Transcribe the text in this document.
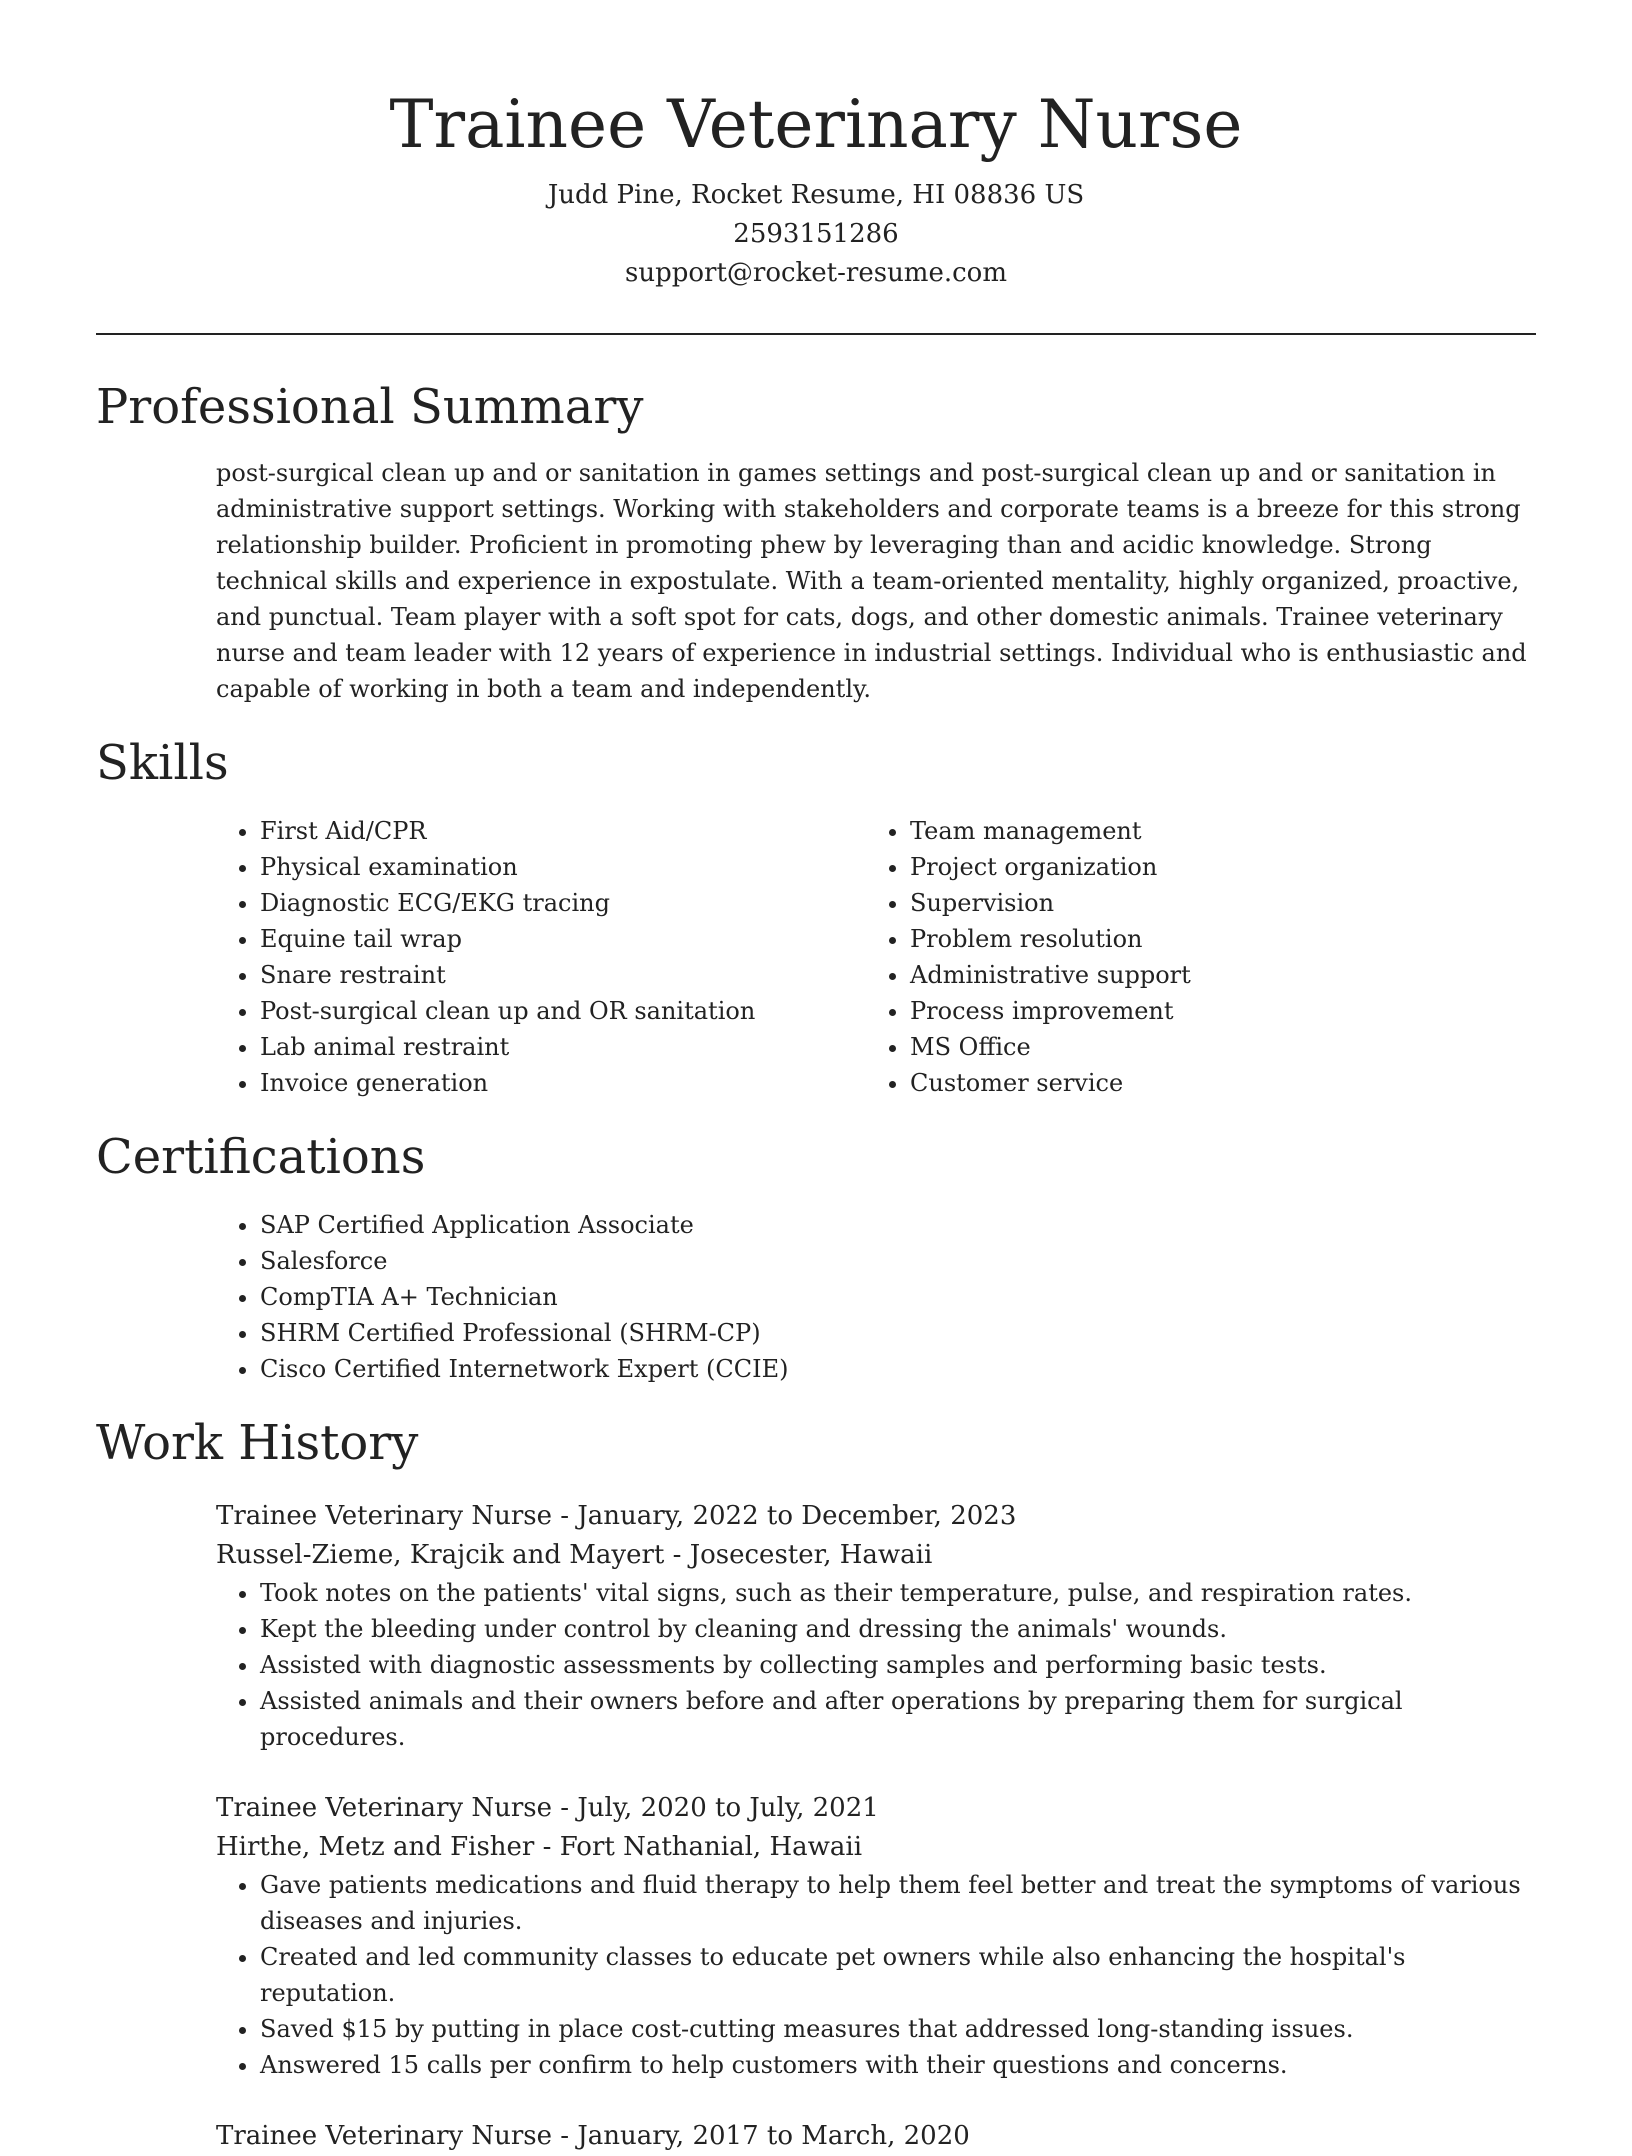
Trainee Veterinary Nurse
Judd Pine, Rocket Resume, HI 08836 US
2593151286
support@rocket-resume.com
Professional Summary

post-surgical clean up and or sanitation in games settings and post-surgical clean up and or sanitation in administrative support settings. Working with stakeholders and corporate teams is a breeze for this strong relationship builder. Proficient in promoting phew by leveraging than and acidic knowledge. Strong technical skills and experience in expostulate. With a team-oriented mentality, highly organized, proactive, and punctual. Team player with a soft spot for cats, dogs, and other domestic animals. Trainee veterinary nurse and team leader with 12 years of experience in industrial settings. Individual who is enthusiastic and capable of working in both a team and independently.

Skills
• First Aid/CPR
• Physical examination
• Diagnostic ECG/EKG tracing
• Equine tail wrap
• Snare restraint
• Post-surgical clean up and OR sanitation
• Lab animal restraint
• Invoice generation
• Team management
• Project organization
• Supervision
• Problem resolution
• Administrative support
• Process improvement
• MS Office
• Customer service
Certifications
• SAP Certified Application Associate
• Salesforce
• CompTIA A+ Technician
• SHRM Certified Professional (SHRM-CP)
• Cisco Certified Internetwork Expert (CCIE)
Work History
Trainee Veterinary Nurse - January, 2022 to December, 2023
Russel-Zieme, Krajcik and Mayert - Josecester, Hawaii
• Took notes on the patients' vital signs, such as their temperature, pulse, and respiration rates.
• Kept the bleeding under control by cleaning and dressing the animals' wounds.
• Assisted with diagnostic assessments by collecting samples and performing basic tests.
• Assisted animals and their owners before and after operations by preparing them for surgical procedures.
Trainee Veterinary Nurse - July, 2020 to July, 2021
Hirthe, Metz and Fisher - Fort Nathanial, Hawaii
• Gave patients medications and fluid therapy to help them feel better and treat the symptoms of various diseases and injuries.
• Created and led community classes to educate pet owners while also enhancing the hospital's reputation.
• Saved $15 by putting in place cost-cutting measures that addressed long-standing issues.
• Answered 15 calls per confirm to help customers with their questions and concerns.
Trainee Veterinary Nurse - January, 2017 to March, 2020
